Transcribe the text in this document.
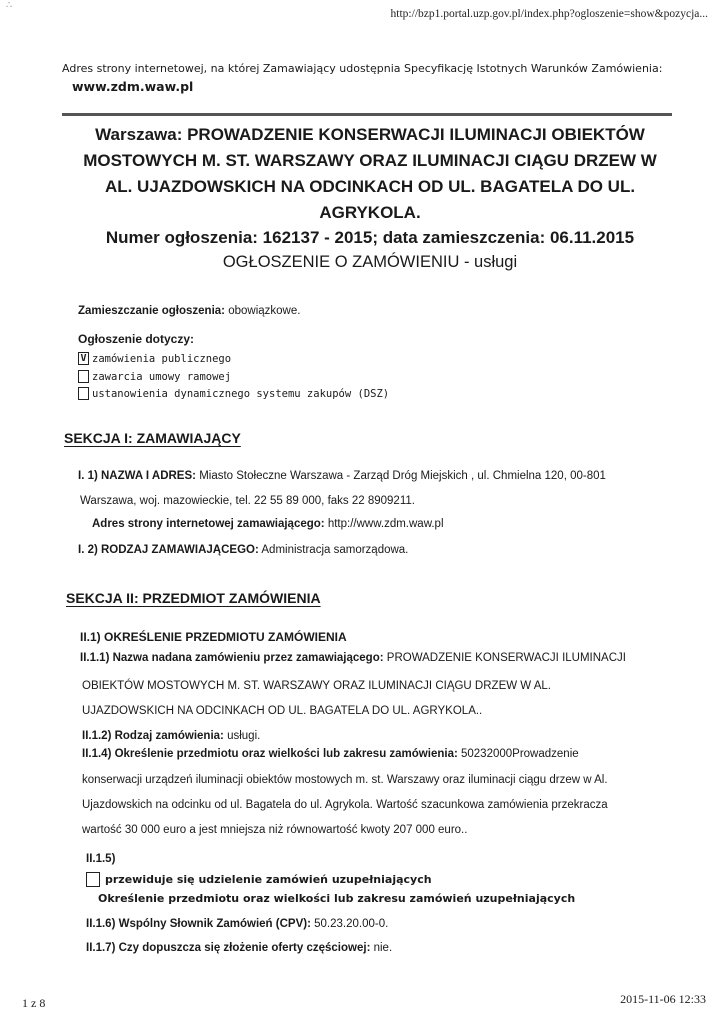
∴
http://bzp1.portal.uzp.gov.pl/index.php?ogloszenie=show&pozycja...
Adres strony internetowej, na której Zamawiający udostępnia Specyfikację Istotnych Warunków Zamówienia:
www.zdm.waw.pl
Warszawa: PROWADZENIE KONSERWACJI ILUMINACJI OBIEKTÓW MOSTOWYCH M. ST. WARSZAWY ORAZ ILUMINACJI CIĄGU DRZEW W AL. UJAZDOWSKICH NA ODCINKACH OD UL. BAGATELA DO UL. AGRYKOLA.
Numer ogłoszenia: 162137 - 2015; data zamieszczenia: 06.11.2015
OGŁOSZENIE O ZAMÓWIENIU - usługi
Zamieszczanie ogłoszenia: obowiązkowe.
Ogłoszenie dotyczy:
V zamówienia publicznego
zawarcia umowy ramowej
ustanowienia dynamicznego systemu zakupów (DSZ)
SEKCJA I: ZAMAWIAJĄCY
I. 1) NAZWA I ADRES: Miasto Stołeczne Warszawa - Zarząd Dróg Miejskich , ul. Chmielna 120, 00-801
Warszawa, woj. mazowieckie, tel. 22 55 89 000, faks 22 8909211.
Adres strony internetowej zamawiającego: http://www.zdm.waw.pl
I. 2) RODZAJ ZAMAWIAJĄCEGO: Administracja samorządowa.
SEKCJA II: PRZEDMIOT ZAMÓWIENIA
II.1) OKREŚLENIE PRZEDMIOTU ZAMÓWIENIA
II.1.1) Nazwa nadana zamówieniu przez zamawiającego: PROWADZENIE KONSERWACJI ILUMINACJI
OBIEKTÓW MOSTOWYCH M. ST. WARSZAWY ORAZ ILUMINACJI CIĄGU DRZEW W AL.
UJAZDOWSKICH NA ODCINKACH OD UL. BAGATELA DO UL. AGRYKOLA..
II.1.2) Rodzaj zamówienia: usługi.
II.1.4) Określenie przedmiotu oraz wielkości lub zakresu zamówienia: 50232000Prowadzenie
konserwacji urządzeń iluminacji obiektów mostowych m. st. Warszawy oraz iluminacji ciągu drzew w Al.
Ujazdowskich na odcinku od ul. Bagatela do ul. Agrykola. Wartość szacunkowa zamówienia przekracza
wartość 30 000 euro a jest mniejsza niż równowartość kwoty 207 000 euro..
II.1.5)
przewiduje się udzielenie zamówień uzupełniających
Określenie przedmiotu oraz wielkości lub zakresu zamówień uzupełniających
II.1.6) Wspólny Słownik Zamówień (CPV): 50.23.20.00-0.
II.1.7) Czy dopuszcza się złożenie oferty częściowej: nie.
1 z 8	2015-11-06 12:33
